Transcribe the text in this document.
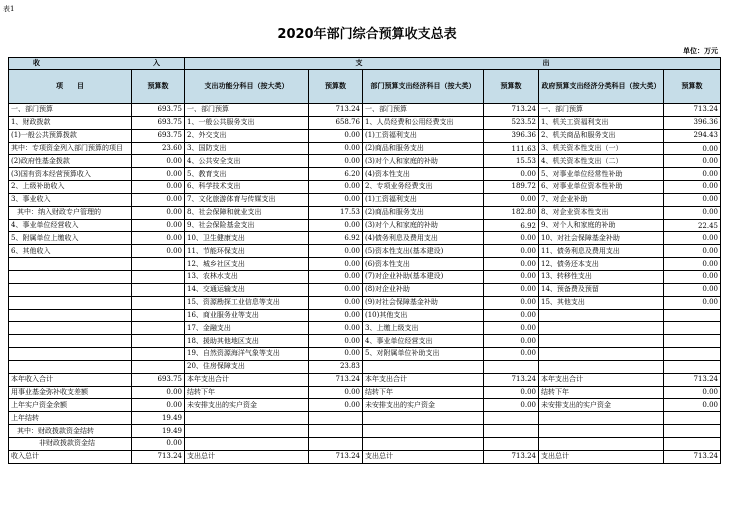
表1
2020年部门综合预算收支总表
单位：万元
收 入		支 出					

项　　目	预算数	支出功能分科目（按大类）	预算数	部门预算支出经济科目（按大类）	预算数	政府预算支出经济分类科目（按大类）	预算数
一、部门预算	693.75	一、部门预算	713.24	一、部门预算	713.24	一、部门预算	713.24
1、财政拨款	693.75	1、一般公共服务支出	658.76	1、人员经费和公用经费支出	523.52	1、机关工资福利支出	396.36
(1)一般公共预算拨款	693.75	2、外交支出	0.00	(1)工资福利支出	396.36	2、机关商品和服务支出	294.43
其中：专项资金列入部门预算的项目	23.60	3、国防支出	0.00	(2)商品和服务支出	111.63	3、机关资本性支出（一）	0.00
(2)政府性基金拨款	0.00	4、公共安全支出	0.00	(3)对个人和家庭的补助	15.53	4、机关资本性支出（二）	0.00
(3)国有资本经营预算收入	0.00	5、教育支出	6.20	(4)资本性支出	0.00	5、对事业单位经常性补助	0.00
2、上级补助收入	0.00	6、科学技术支出	0.00	2、专项业务经费支出	189.72	6、对事业单位资本性补助	0.00
3、事业收入	0.00	7、文化旅游体育与传媒支出	0.00	(1)工资福利支出	0.00	7、对企业补助	0.00
其中：纳入财政专户管理的	0.00	8、社会保障和就业支出	17.53	(2)商品和服务支出	182.80	8、对企业资本性支出	0.00
4、事业单位经营收入	0.00	9、社会保险基金支出	0.00	(3)对个人和家庭的补助	6.92	9、对个人和家庭的补助	22.45
5、附属单位上缴收入	0.00	10、卫生健康支出	6.92	(4)债务利息及费用支出	0.00	10、对社会保障基金补助	0.00
6、其他收入	0.00	11、节能环保支出	0.00	(5)资本性支出(基本建设)	0.00	11、债务利息及费用支出	0.00
		12、城乡社区支出	0.00	(6)资本性支出	0.00	12、债务还本支出	0.00
		13、农林水支出	0.00	(7)对企业补助(基本建设)	0.00	13、转移性支出	0.00
		14、交通运输支出	0.00	(8)对企业补助	0.00	14、预备费及预留	0.00
		15、资源勘探工业信息等支出	0.00	(9)对社会保障基金补助	0.00	15、其他支出	0.00
		16、商业服务业等支出	0.00	(10)其他支出	0.00		
		17、金融支出	0.00	3、上缴上级支出	0.00		
		18、援助其他地区支出	0.00	4、事业单位经营支出	0.00		
		19、自然资源海洋气象等支出	0.00	5、对附属单位补助支出	0.00		
		20、住房保障支出	23.83				
本年收入合计	693.75	本年支出合计	713.24	本年支出合计	713.24	本年支出合计	713.24
用事业基金弥补收支差额	0.00	结转下年	0.00	结转下年	0.00	结转下年	0.00
上年实户资金余额	0.00	未安排支出的实户资金	0.00	未安排支出的实户资金	0.00	未安排支出的实户资金	0.00
上年结转	19.49						
其中：财政拨款资金结转	19.49						
非财政拨款资金结	0.00						
收入总计	713.24	支出总计	713.24	支出总计	713.24	支出总计	713.24
